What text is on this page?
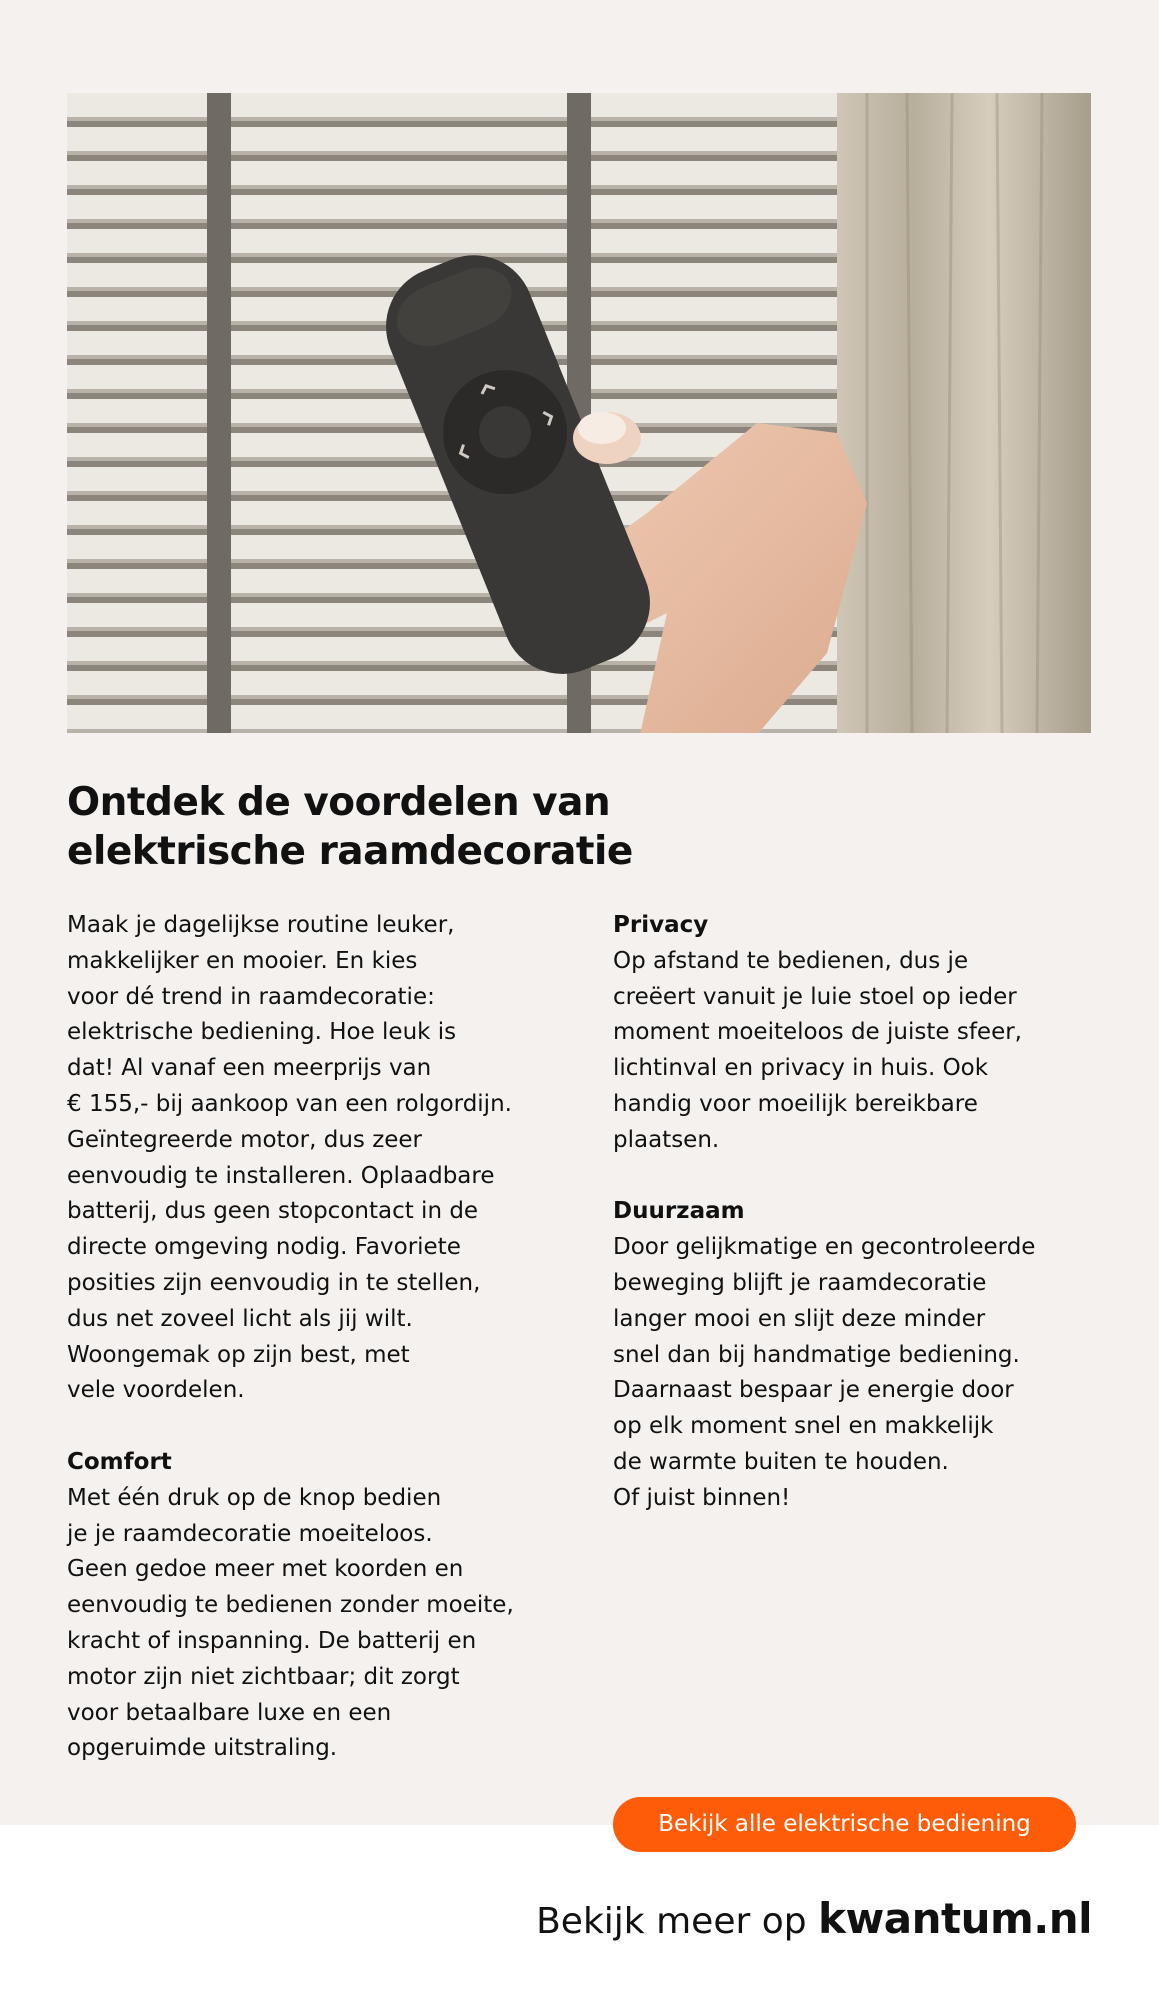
Ontdek de voordelen van
elektrische raamdecoratie
Maak je dagelijkse routine leuker,
makkelijker en mooier. En kies
voor dé trend in raamdecoratie:
elektrische bediening. Hoe leuk is
dat! Al vanaf een meerprijs van
€ 155,- bij aankoop van een rolgordijn.
Geïntegreerde motor, dus zeer
eenvoudig te installeren. Oplaadbare
batterij, dus geen stopcontact in de
directe omgeving nodig. Favoriete
posities zijn eenvoudig in te stellen,
dus net zoveel licht als jij wilt.
Woongemak op zijn best, met
vele voordelen.
Comfort
Met één druk op de knop bedien
je je raamdecoratie moeiteloos.
Geen gedoe meer met koorden en
eenvoudig te bedienen zonder moeite,
kracht of inspanning. De batterij en
motor zijn niet zichtbaar; dit zorgt
voor betaalbare luxe en een
opgeruimde uitstraling.
Privacy
Op afstand te bedienen, dus je
creëert vanuit je luie stoel op ieder
moment moeiteloos de juiste sfeer,
lichtinval en privacy in huis. Ook
handig voor moeilijk bereikbare
plaatsen.
Duurzaam
Door gelijkmatige en gecontroleerde
beweging blijft je raamdecoratie
langer mooi en slijt deze minder
snel dan bij handmatige bediening.
Daarnaast bespaar je energie door
op elk moment snel en makkelijk
de warmte buiten te houden.
Of juist binnen!
Bekijk alle elektrische bediening
Bekijk meer op kwantum.nl
